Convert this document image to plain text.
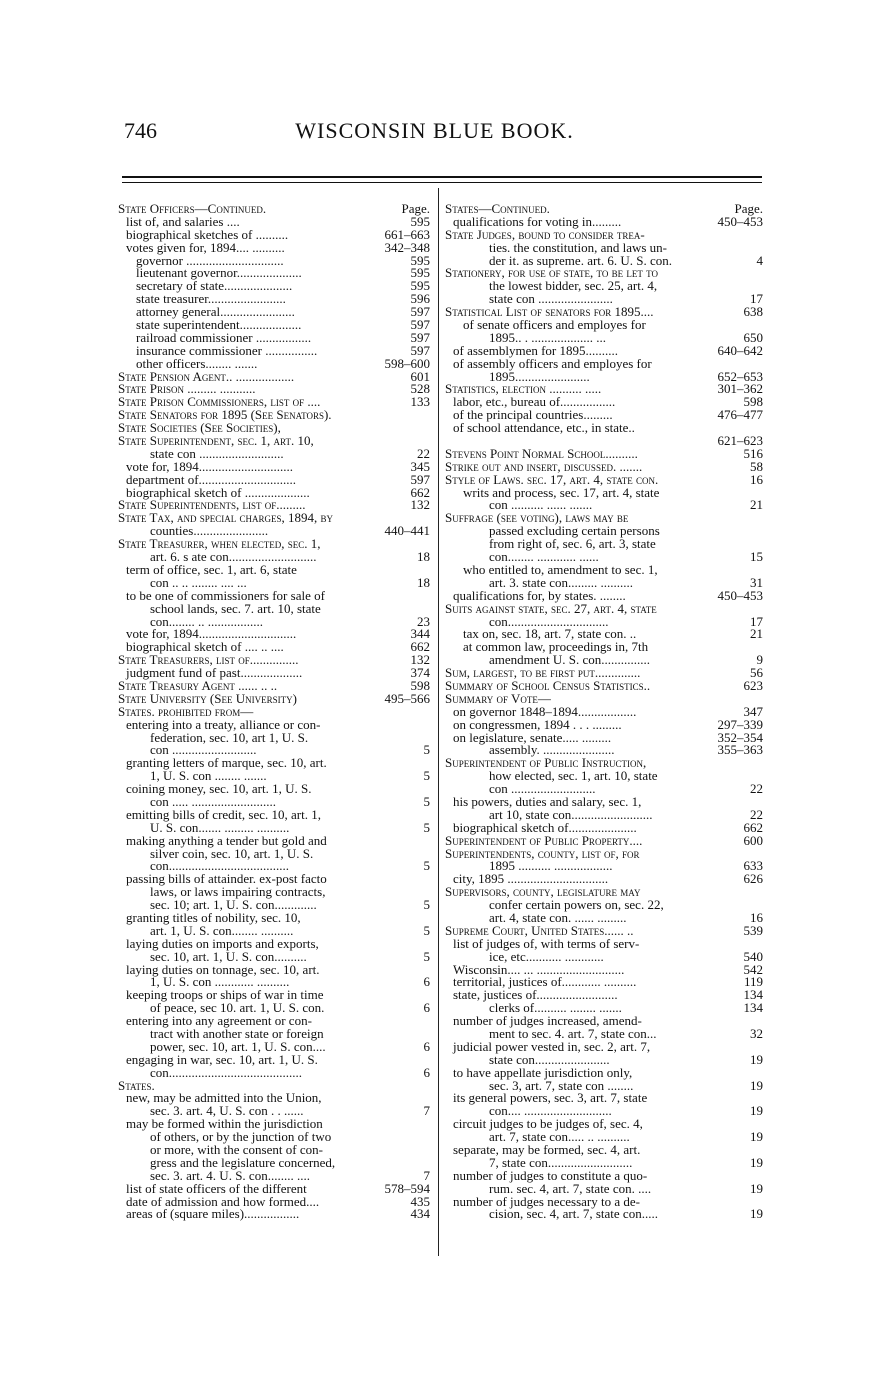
746	WISCONSIN BLUE BOOK.
State Officers—Continued.	Page.
list of, and salaries ....	595
biographical sketches of ..........	661–663
votes given for, 1894.... ..........	342–348
governor ..............................	595
lieutenant governor....................	595
secretary of state.....................	595
state treasurer........................	596
attorney general.......................	597
state superintendent...................	597
railroad commissioner .................	597
insurance commissioner ................	597
other officers........ .......	598–600
State Pension Agent.. ..................	601
State Prison ......... ...........	528
State Prison Commissioners, list of ....	133
State Senators for 1895 (See Senators).
State Societies (See Societies),
State Superintendent, sec. 1, art. 10,
state con ..........................	22
vote for, 1894.............................	345
department of..............................	597
biographical sketch of ....................	662
State Superintendents, list of.........	132
State Tax, and special charges, 1894, by
counties.......................	440–441
State Treasurer, when elected, sec. 1,
art. 6. s ate con...........................	18
term of office, sec. 1, art. 6, state
con .. .. ........ .... ...	18
to be one of commissioners for sale of
school lands, sec. 7. art. 10, state
con........ .. .................	23
vote for, 1894..............................	344
biographical sketch of .... .. ....	662
State Treasurers, list of...............	132
judgment fund of past...................	374
State Treasury Agent ...... .. ..	598
State University (See University)	495–566
States. prohibited from—
entering into a treaty, alliance or con-
federation, sec. 10, art 1, U. S.
con ..........................	5
granting letters of marque, sec. 10, art.
1, U. S. con ........ .......	5
coining money, sec. 10, art. 1, U. S.
con ..... ..........................	5
emitting bills of credit, sec. 10, art. 1,
U. S. con....... ......... ..........	5
making anything a tender but gold and
silver coin, sec. 10, art. 1, U. S.
con.....................................	5
passing bills of attainder. ex-post facto
laws, or laws impairing contracts,
sec. 10; art. 1, U. S. con.............	5
granting titles of nobility, sec. 10,
art. 1, U. S. con........ ..........	5
laying duties on imports and exports,
sec. 10, art. 1, U. S. con..........	5
laying duties on tonnage, sec. 10, art.
1, U. S. con ............ ..........	6
keeping troops or ships of war in time
of peace, sec 10. art. 1, U. S. con.	6
entering into any agreement or con-
tract with another state or foreign
power, sec. 10, art. 1, U. S. con....	6
engaging in war, sec. 10, art. 1, U. S.
con.........................................	6
States.
new, may be admitted into the Union,
sec. 3. art. 4, U. S. con . . ......	7
may be formed within the jurisdiction
of others, or by the junction of two
or more, with the consent of con-
gress and the legislature concerned,
sec. 3. art. 4. U. S. con........ ....	7
list of state officers of the different	578–594
date of admission and how formed....	435
areas of (square miles).................	434
States—Continued.	Page.
qualifications for voting in.........	450–453
State Judges, bound to consider trea-
ties. the constitution, and laws un-
der it. as supreme. art. 6. U. S. con.	4
Stationery, for use of state, to be let to
the lowest bidder, sec. 25, art. 4,
state con .......................	17
Statistical List of senators for 1895....	638
of senate officers and employes for
1895.. . ................... ...	650
of assemblymen for 1895..........	640–642
of assembly officers and employes for
1895.......................	652–653
Statistics, election .......... .....	301–362
labor, etc., bureau of.................	598
of the principal countries.........	476–477
of school attendance, etc., in state..
621–623
Stevens Point Normal School..........	516
Strike out and insert, discussed. .......	58
Style of Laws. sec. 17, art. 4, state con.	16
writs and process, sec. 17, art. 4, state
con .......... ...... .......	21
Suffrage (see voting), laws may be
passed excluding certain persons
from right of, sec. 6, art. 3, state
con........ ............ ......	15
who entitled to, amendment to sec. 1,
art. 3. state con......... ..........	31
qualifications for, by states. ........	450–453
Suits against state, sec. 27, art. 4, state
con...............................	17
tax on, sec. 18, art. 7, state con. ..	21
at common law, proceedings in, 7th
amendment U. S. con...............	9
Sum, largest, to be first put..............	56
Summary of School Census Statistics..	623
Summary of Vote—
on governor 1848–1894..................	347
on congressmen, 1894 . . . .........	297–339
on legislature, senate..... .........	352–354
assembly. ......................	355–363
Superintendent of Public Instruction,
how elected, sec. 1, art. 10, state
con ..........................	22
his powers, duties and salary, sec. 1,
art 10, state con.........................	22
biographical sketch of.....................	662
Superintendent of Public Property....	600
Superintendents, county, list of, for
1895 .......... ..................	633
city, 1895 ...............................	626
Supervisors, county, legislature may
confer certain powers on, sec. 22,
art. 4, state con. ...... .........	16
Supreme Court, United States...... ..	539
list of judges of, with terms of serv-
ice, etc........... ............	540
Wisconsin.... ... ...........................	542
territorial, justices of............ ..........	119
state, justices of.........................	134
clerks of.......... ........ .......	134
number of judges increased, amend-
ment to sec. 4. art. 7, state con...	32
judicial power vested in, sec. 2, art. 7,
state con.......................	19
to have appellate jurisdiction only,
sec. 3, art. 7, state con ........	19
its general powers, sec. 3, art. 7, state
con.... ...........................	19
circuit judges to be judges of, sec. 4,
art. 7, state con..... .. ..........	19
separate, may be formed, sec. 4, art.
7, state con..........................	19
number of judges to constitute a quo-
rum. sec. 4, art. 7, state con. ....	19
number of judges necessary to a de-
cision, sec. 4, art. 7, state con.....	19
